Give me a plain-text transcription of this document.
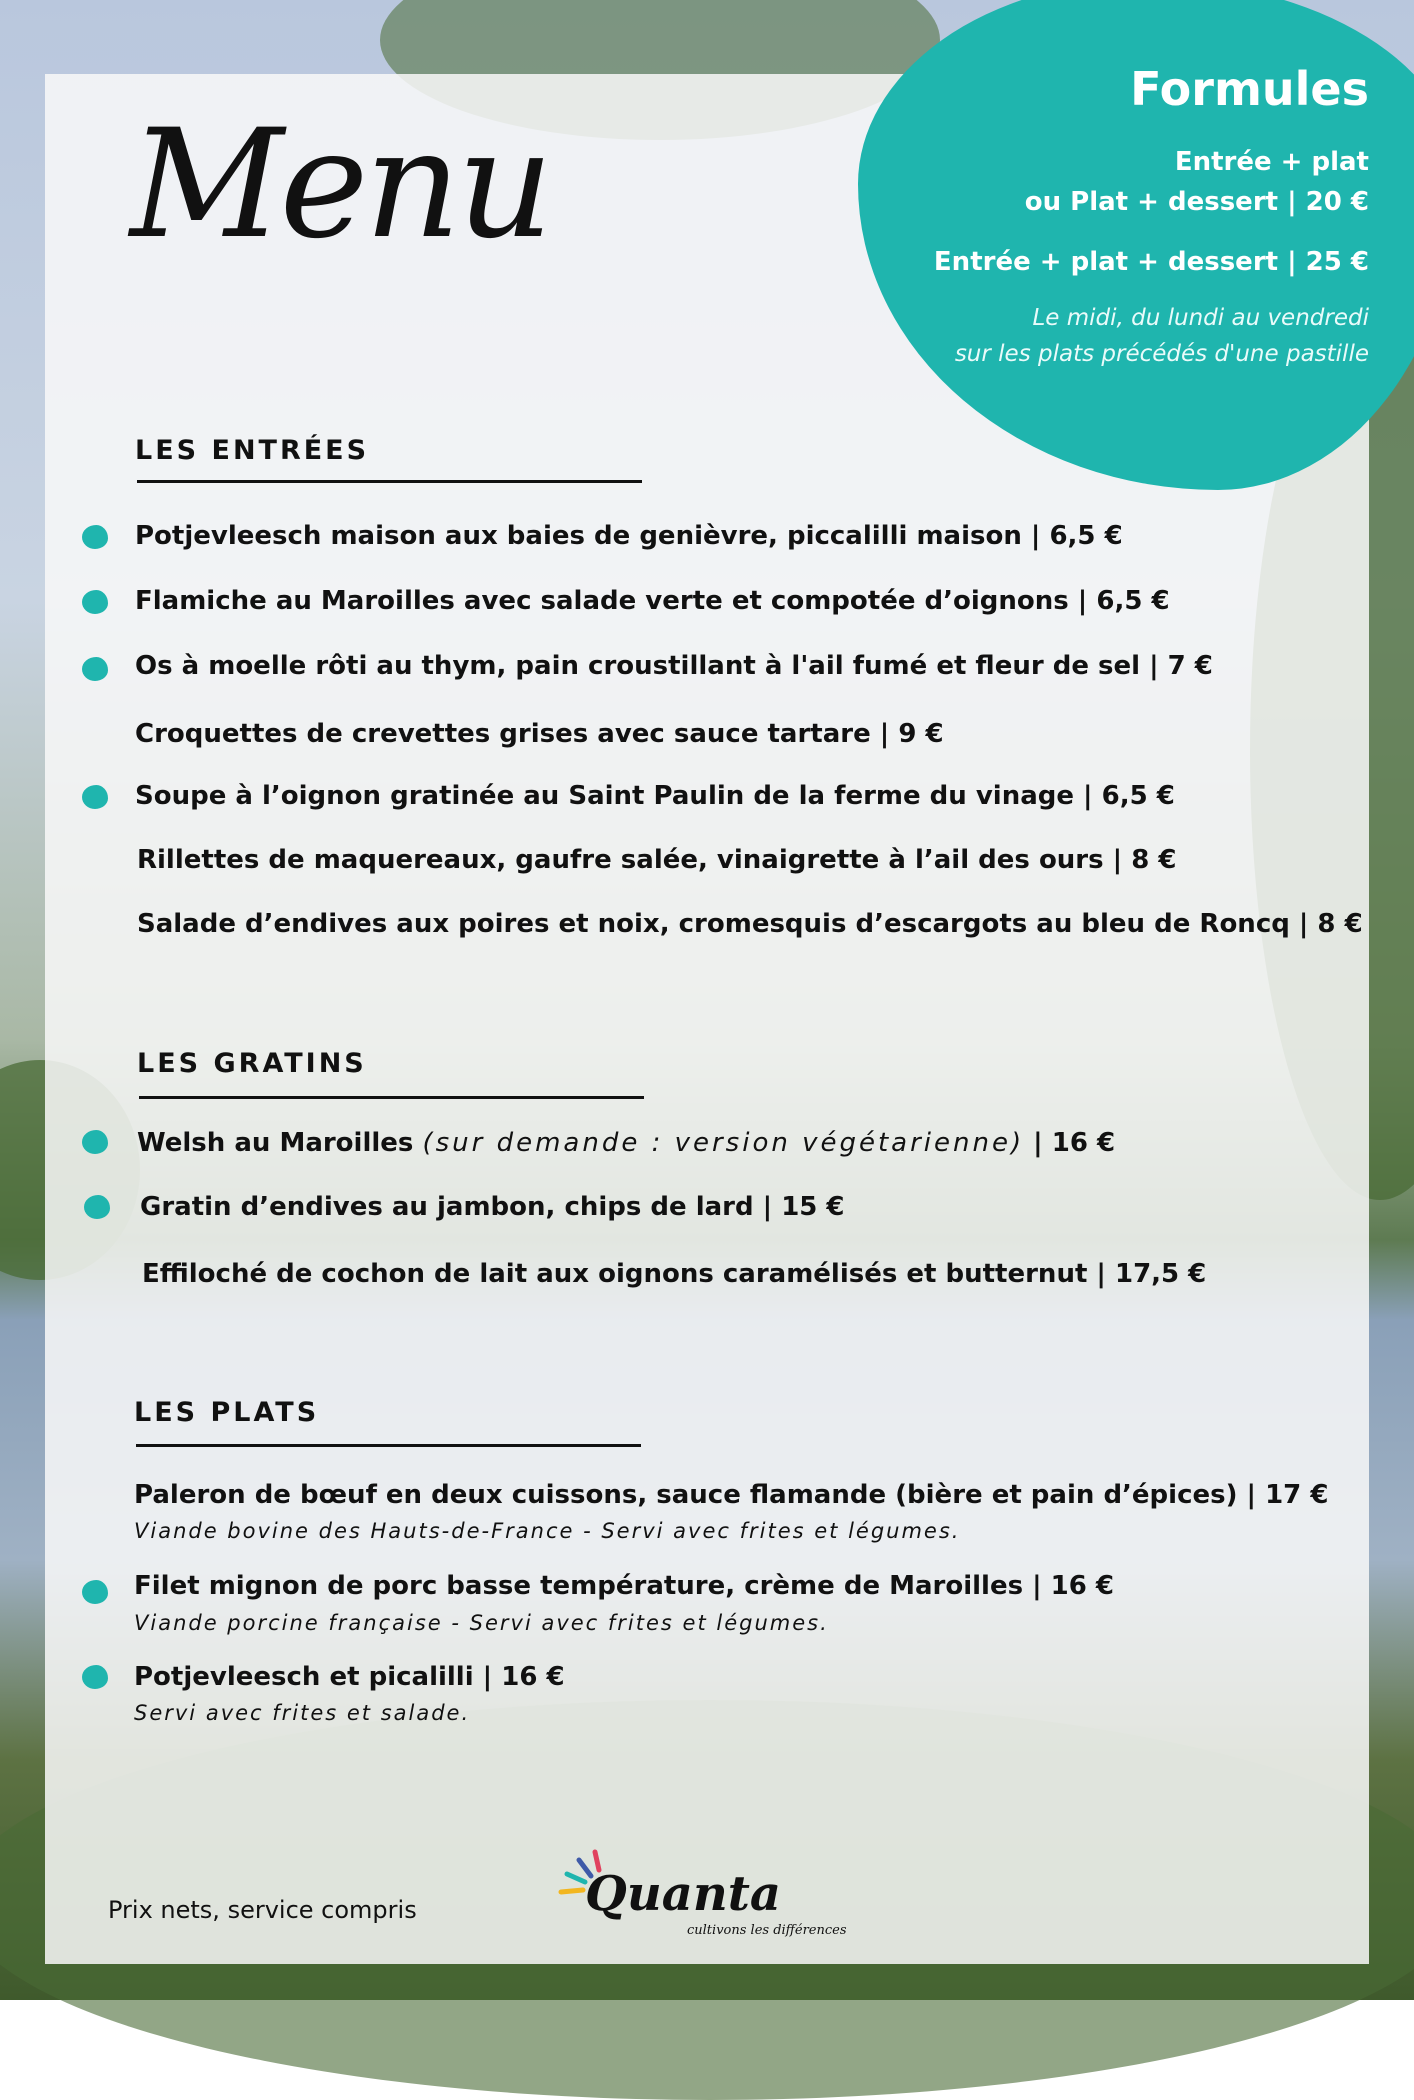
Formules
Entrée + plat
ou Plat + dessert | 20 €
Entrée + plat + dessert | 25 €
Le midi, du lundi au vendredi
sur les plats précédés d'une pastille
Menu
LES ENTRÉES
Potjevleesch maison aux baies de genièvre, piccalilli maison | 6,5 €
Flamiche au Maroilles avec salade verte et compotée d’oignons | 6,5 €
Os à moelle rôti au thym, pain croustillant à l'ail fumé et fleur de sel | 7 €
Croquettes de crevettes grises avec sauce tartare | 9 €
Soupe à l’oignon gratinée au Saint Paulin de la ferme du vinage | 6,5 €
Rillettes de maquereaux, gaufre salée, vinaigrette à l’ail des ours | 8 €
Salade d’endives aux poires et noix, cromesquis d’escargots au bleu de Roncq | 8 €
LES GRATINS
Welsh au Maroilles (sur demande : version végétarienne) | 16 €
Gratin d’endives au jambon, chips de lard | 15 €
Effiloché de cochon de lait aux oignons caramélisés et butternut | 17,5 €
LES PLATS
Paleron de bœuf en deux cuissons, sauce flamande (bière et pain d’épices) | 17 €
Viande bovine des Hauts-de-France - Servi avec frites et légumes.
Filet mignon de porc basse température, crème de Maroilles | 16 €
Viande porcine française - Servi avec frites et légumes.
Potjevleesch et picalilli | 16 €
Servi avec frites et salade.
Prix nets, service compris	Quanta
cultivons les différences
